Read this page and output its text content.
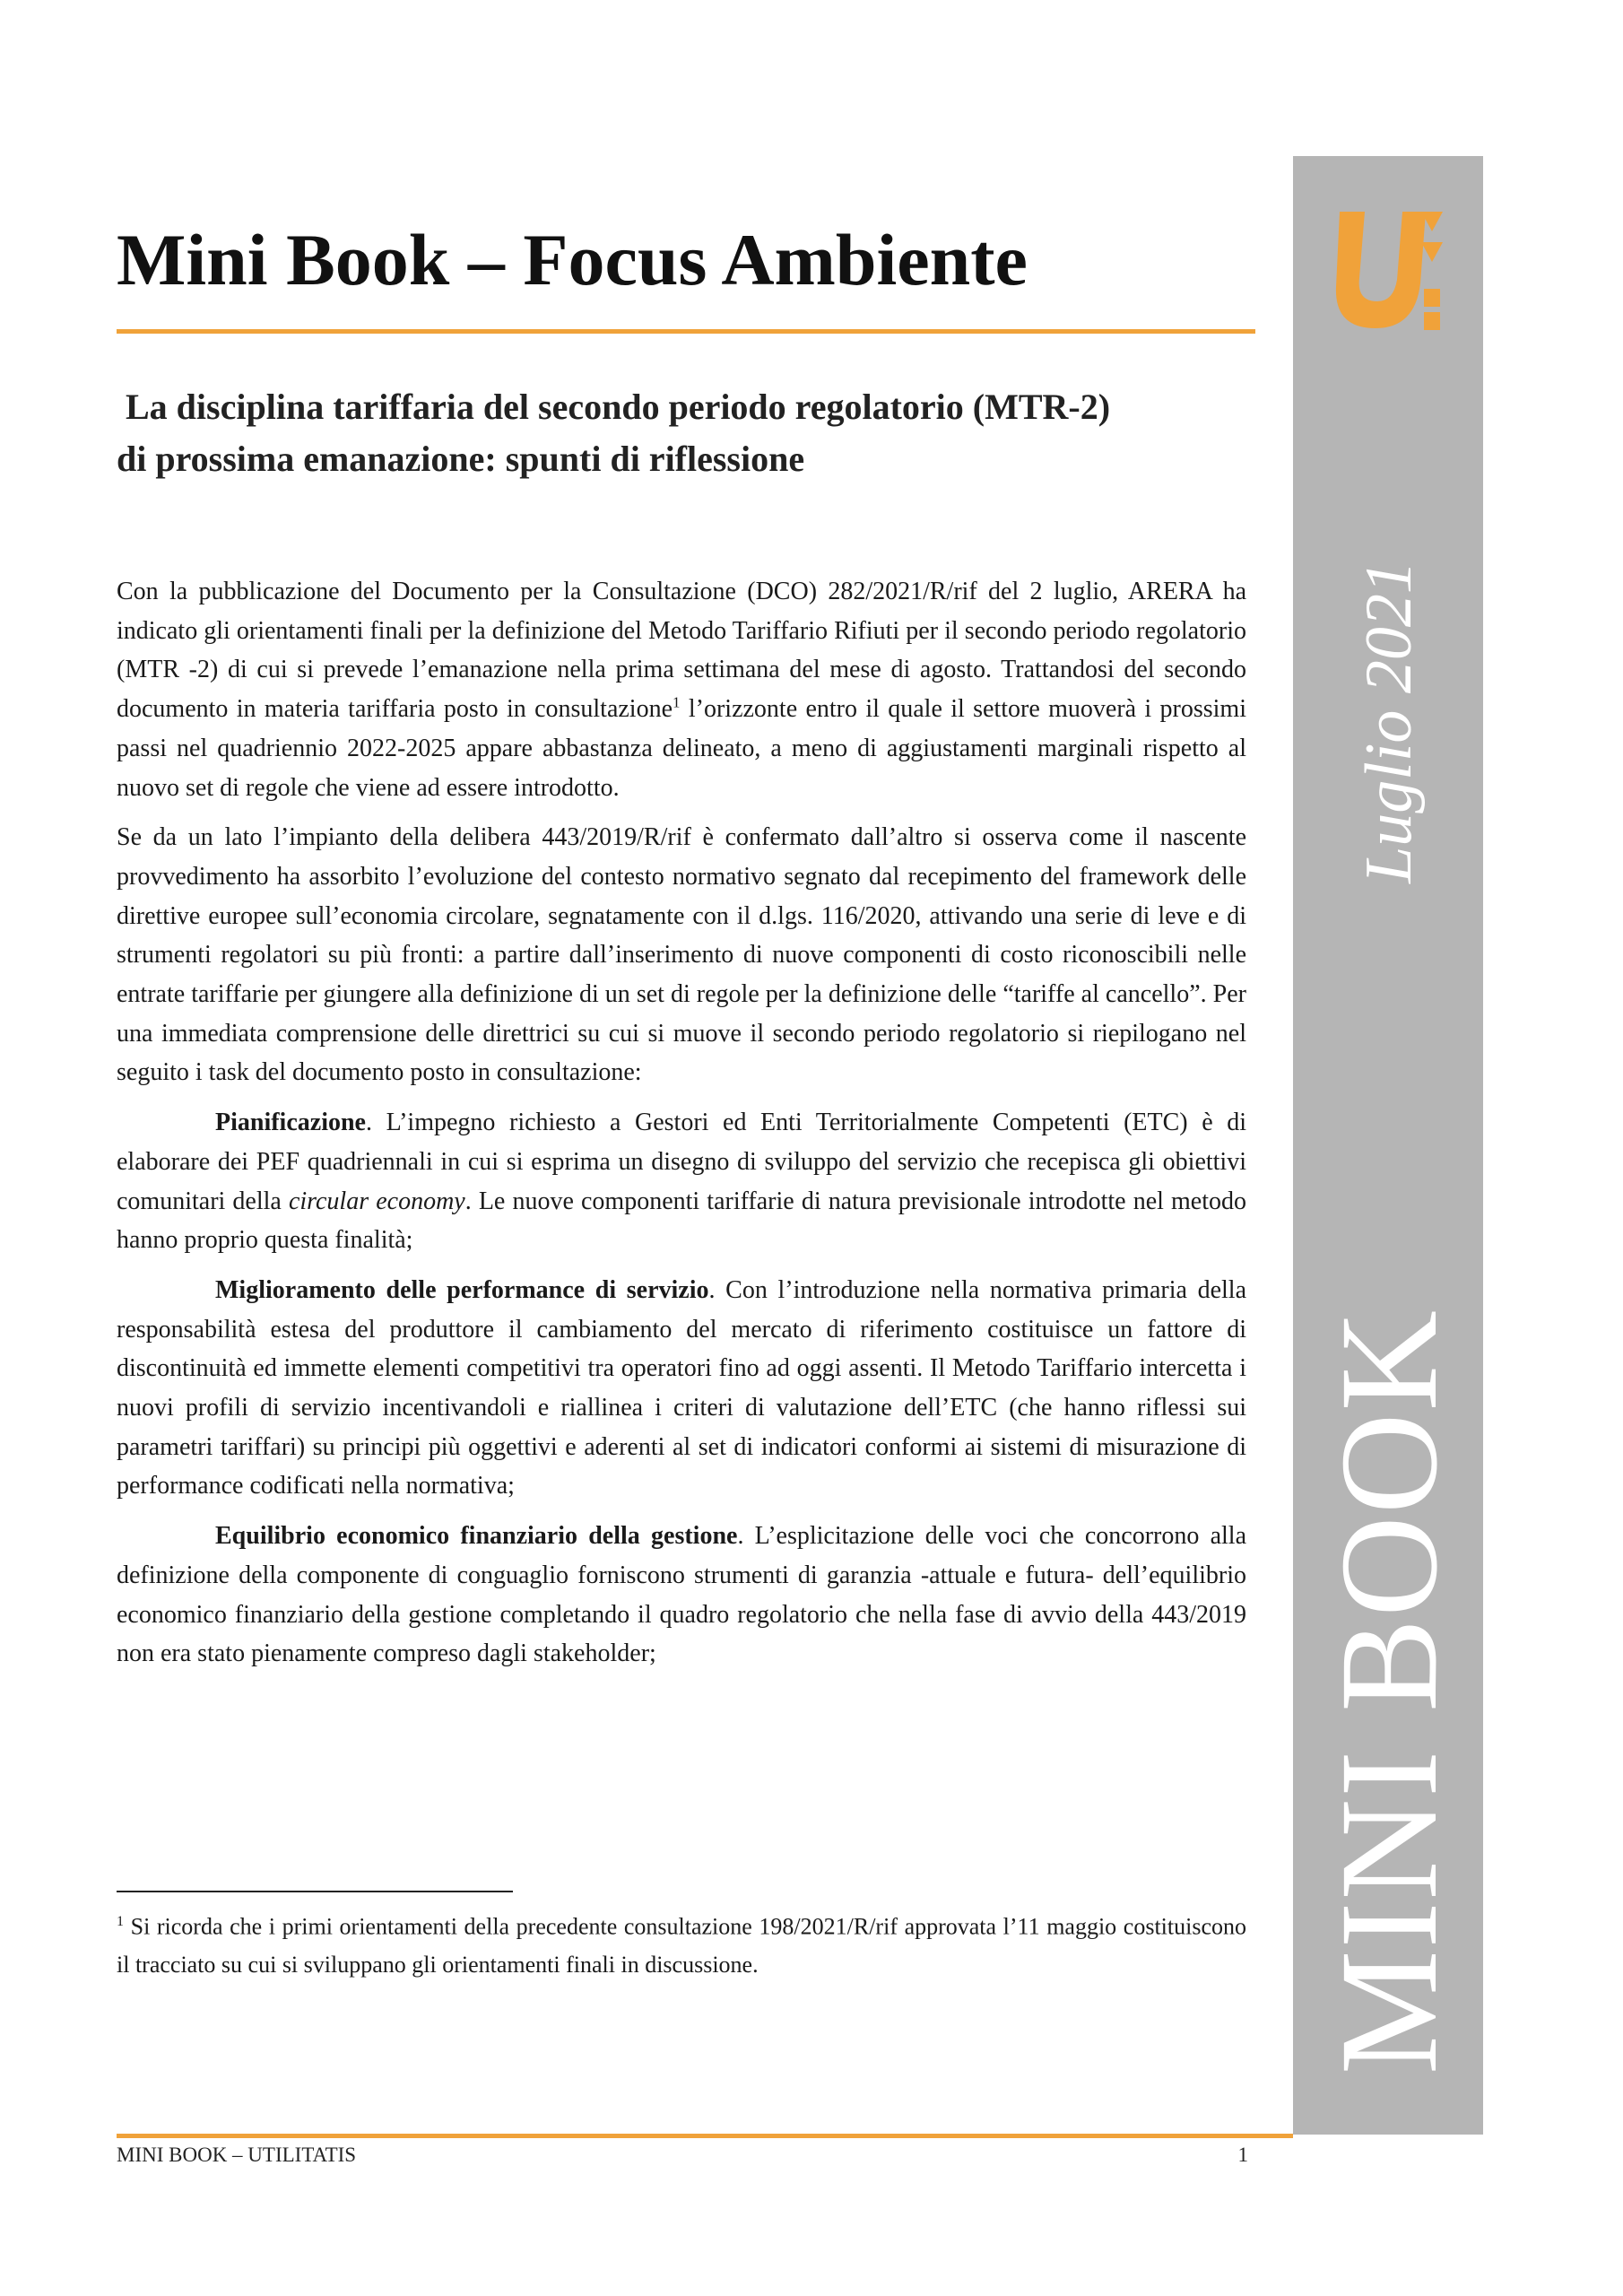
Mini Book – Focus Ambiente
La disciplina tariffaria del secondo periodo regolatorio (MTR-2)
di prossima emanazione: spunti di riflessione

Con la pubblicazione del Documento per la Consultazione (DCO) 282/2021/R/rif del 2 luglio, ARERA ha indicato gli orientamenti finali per la definizione del Metodo Tariffario Rifiuti per il secondo periodo regolatorio (MTR -2) di cui si prevede l’emanazione nella prima settimana del mese di agosto. Trattandosi del secondo documento in materia tariffaria posto in consultazione$^1$ l’orizzonte entro il quale il settore muoverà i prossimi passi nel quadriennio 2022-2025 appare abbastanza delineato, a meno di aggiustamenti marginali rispetto al nuovo set di regole che viene ad essere introdotto.

Se da un lato l’impianto della delibera 443/2019/R/rif è confermato dall’altro si osserva come il nascente provvedimento ha assorbito l’evoluzione del contesto normativo segnato dal recepimento del framework delle direttive europee sull’economia circolare, segnatamente con il d.lgs. 116/2020, attivando una serie di leve e di strumenti regolatori su più fronti: a partire dall’inserimento di nuove componenti di costo riconoscibili nelle entrate tariffarie per giungere alla definizione di un set di regole per la definizione delle “tariffe al cancello”. Per una immediata comprensione delle direttrici su cui si muove il secondo periodo regolatorio si riepilogano nel seguito i task del documento posto in consultazione:

Pianificazione. L’impegno richiesto a Gestori ed Enti Territorialmente Competenti (ETC) è di elaborare dei PEF quadriennali in cui si esprima un disegno di sviluppo del servizio che recepisca gli obiettivi comunitari della circular economy. Le nuove componenti tariffarie di natura previsionale introdotte nel metodo hanno proprio questa finalità;

Miglioramento delle performance di servizio. Con l’introduzione nella normativa primaria della responsabilità estesa del produttore il cambiamento del mercato di riferimento costituisce un fattore di discontinuità ed immette elementi competitivi tra operatori fino ad oggi assenti. Il Metodo Tariffario intercetta i nuovi profili di servizio incentivandoli e riallinea i criteri di valutazione dell’ETC (che hanno riflessi sui parametri tariffari) su principi più oggettivi e aderenti al set di indicatori conformi ai sistemi di misurazione di performance codificati nella normativa;

Equilibrio economico finanziario della gestione. L’esplicitazione delle voci che concorrono alla definizione della componente di conguaglio forniscono strumenti di garanzia -attuale e futura- dell’equilibrio economico finanziario della gestione completando il quadro regolatorio che nella fase di avvio della 443/2019 non era stato pienamente compreso dagli stakeholder;

$^1$ Si ricorda che i primi orientamenti della precedente consultazione 198/2021/R/rif approvata l’11 maggio costituiscono il tracciato su cui si sviluppano gli orientamenti finali in discussione.
Luglio 2021
MINI BOOK
MINI BOOK – UTILITATIS	1
